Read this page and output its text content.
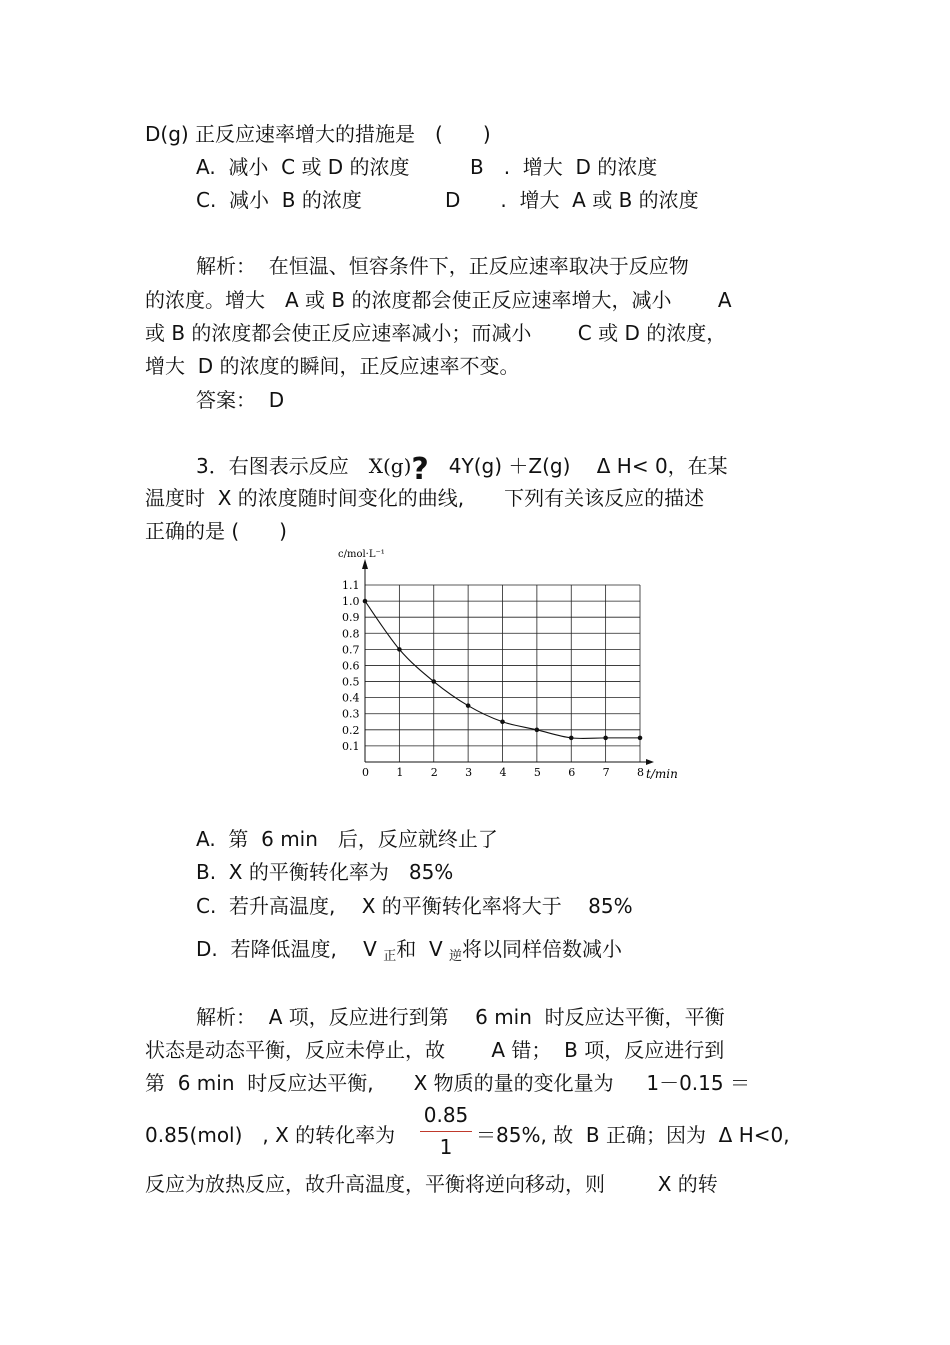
D(g) 正反应速率增大的措施是　(　　)
A.  减小  C 或 D 的浓度	B　.  增大  D 的浓度
C.  减小  B 的浓度	D　　.  增大  A 或 B 的浓度
解析：  在恒温、恒容条件下，正反应速率取决于反应物
的浓度。增大　A 或 B 的浓度都会使正反应速率增大，减小　　 A
或 B 的浓度都会使正反应速率减小；而减小　　 C 或 D 的浓度，
增大  D 的浓度的瞬间，正反应速率不变。
答案：  D
3．右图表示反应　X(g)?　4Y(g) ＋Z(g)　 Δ H< 0，在某
温度时  X 的浓度随时间变化的曲线,　　下列有关该反应的描述
正确的是 (　　)
0 1 2 3 4 5 6 7 8
0.1
0.2
0.3
0.4
0.5
0.6
0.7
0.8
0.9
1.0
1.1
c/mol·L⁻¹
t/min
A.  第  6 min　后，反应就终止了
B.  X 的平衡转化率为　85%
C.  若升高温度,　 X 的平衡转化率将大于　 85%
D.  若降低温度,　 V $_正$和  V $_逆$将以同样倍数减小
解析：  A 项，反应进行到第　 6 min  时反应达平衡，平衡
状态是动态平衡，反应未停止，故　　 A 错；  B 项，反应进行到
第  6 min  时反应达平衡,　　X 物质的量的变化量为　  1－0.15 ＝
0.85(mol)　, X 的转化率为
0.85
1	＝85%, 故  B 正确；因为  Δ H<0,
反应为放热反应，故升高温度，平衡将逆向移动，则　　  X 的转
